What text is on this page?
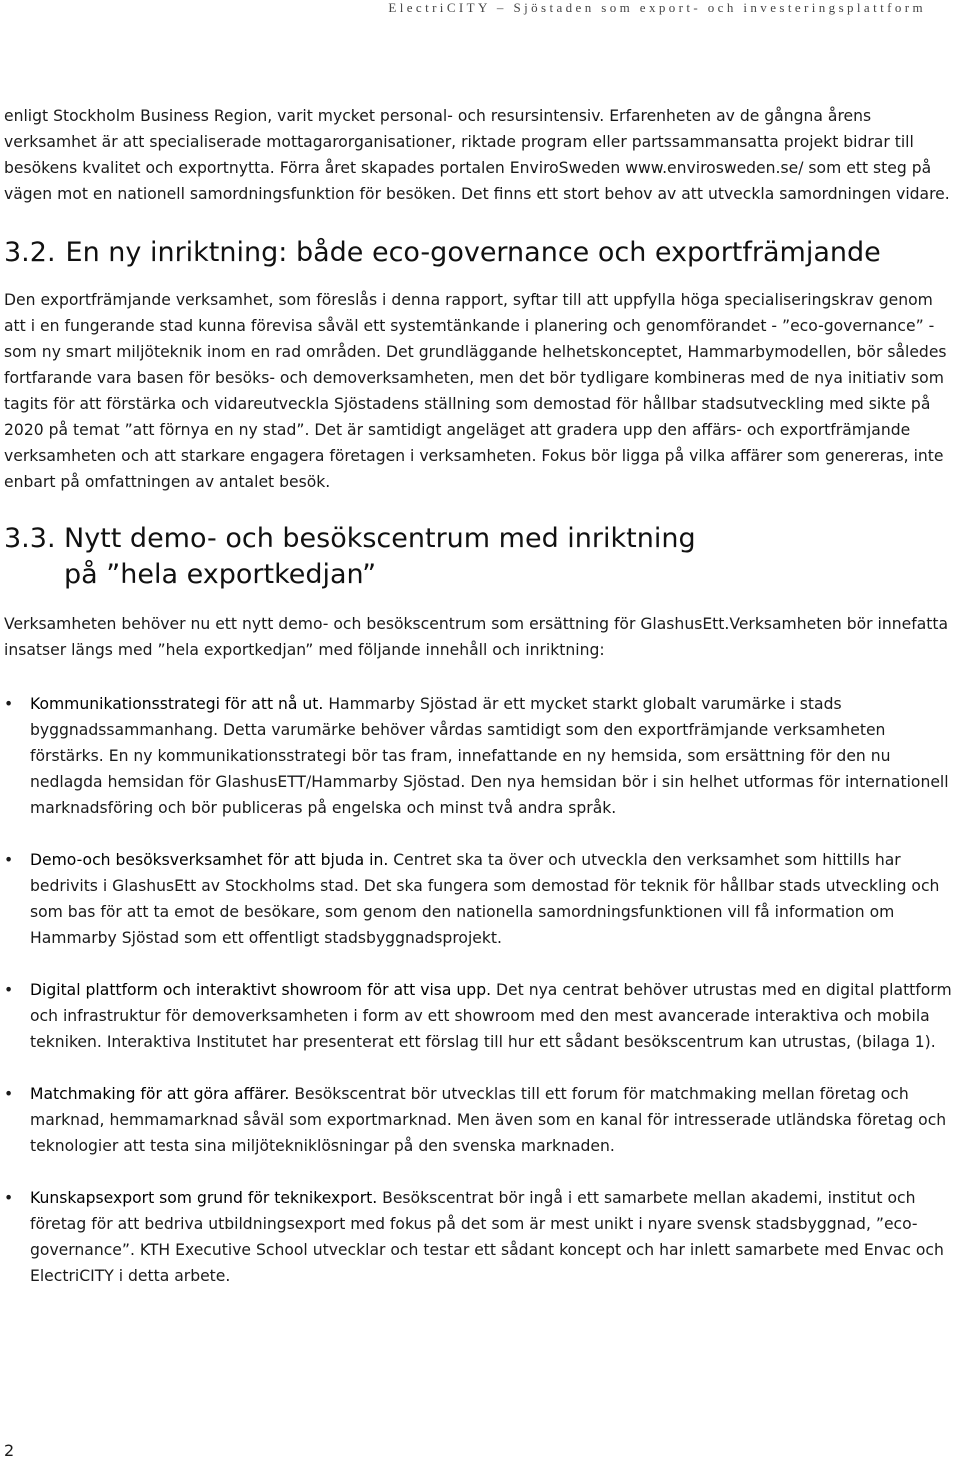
ElectriCITY – Sjöstaden som export- och investeringsplattform

enligt Stockholm Business Region, varit mycket personal- och resursintensiv. Erfarenheten av de gångna årens verksamhet är att specialiserade mottagarorganisationer, riktade program eller partssammansatta projekt bidrar till besökens kvalitet och exportnytta. Förra året skapades portalen EnviroSweden www.envirosweden.se/ som ett steg på vägen mot en nationell samordningsfunktion för besöken. Det finns ett stort behov av att utveckla samordningen vidare.

3.2. En ny inriktning: både eco-governance och exportfrämjande

Den exportfrämjande verksamhet, som föreslås i denna rapport, syftar till att uppfylla höga specialiseringskrav genom att i en fungerande stad kunna förevisa såväl ett systemtänkande i planering och genomförandet - ”eco-governance” - som ny smart miljöteknik inom en rad områden. Det grundläggande helhetskonceptet, Hammarbymodellen, bör således fortfarande vara basen för besöks- och demoverksamheten, men det bör tydligare kombineras med de nya initiativ som tagits för att förstärka och vidareutveckla Sjöstadens ställning som demostad för hållbar stadsutveckling med sikte på 2020 på temat ”att förnya en ny stad”. Det är samtidigt angeläget att gradera upp den affärs- och exportfrämjande verksamheten och att starkare engagera företagen i verksamheten. Fokus bör ligga på vilka affärer som genereras, inte enbart på omfattningen av antalet besök.

3.3. Nytt demo- och besökscentrum med inriktning
på ”hela exportkedjan”

Verksamheten behöver nu ett nytt demo- och besökscentrum som ersättning för GlashusEtt.Verksamheten bör innefatta insatser längs med ”hela exportkedjan” med följande innehåll och inriktning:

• Kommunikationsstrategi för att nå ut. Hammarby Sjöstad är ett mycket starkt globalt varumärke i stads byggnadssammanhang. Detta varumärke behöver vårdas samtidigt som den exportfrämjande verksamheten förstärks. En ny kommunikationsstrategi bör tas fram, innefattande en ny hemsida, som ersättning för den nu nedlagda hemsidan för GlashusETT/Hammarby Sjöstad. Den nya hemsidan bör i sin helhet utformas för internationell marknadsföring och bör publiceras på engelska och minst två andra språk.
• Demo-och besöksverksamhet för att bjuda in. Centret ska ta över och utveckla den verksamhet som hittills har bedrivits i GlashusEtt av Stockholms stad. Det ska fungera som demostad för teknik för hållbar stads utveckling och som bas för att ta emot de besökare, som genom den nationella samordningsfunktionen vill få information om Hammarby Sjöstad som ett offentligt stadsbyggnadsprojekt.
• Digital plattform och interaktivt showroom för att visa upp. Det nya centrat behöver utrustas med en digital plattform och infrastruktur för demoverksamheten i form av ett showroom med den mest avancerade interaktiva och mobila tekniken. Interaktiva Institutet har presenterat ett förslag till hur ett sådant besökscentrum kan utrustas, (bilaga 1).
• Matchmaking för att göra affärer. Besökscentrat bör utvecklas till ett forum för matchmaking mellan företag och marknad, hemmamarknad såväl som exportmarknad. Men även som en kanal för intresserade utländska företag och teknologier att testa sina miljötekniklösningar på den svenska marknaden.
• Kunskapsexport som grund för teknikexport. Besökscentrat bör ingå i ett samarbete mellan akademi, institut och företag för att bedriva utbildningsexport med fokus på det som är mest unikt i nyare svensk stadsbyggnad, ”eco-governance”. KTH Executive School utvecklar och testar ett sådant koncept och har inlett samarbete med Envac och ElectriCITY i detta arbete.
2
